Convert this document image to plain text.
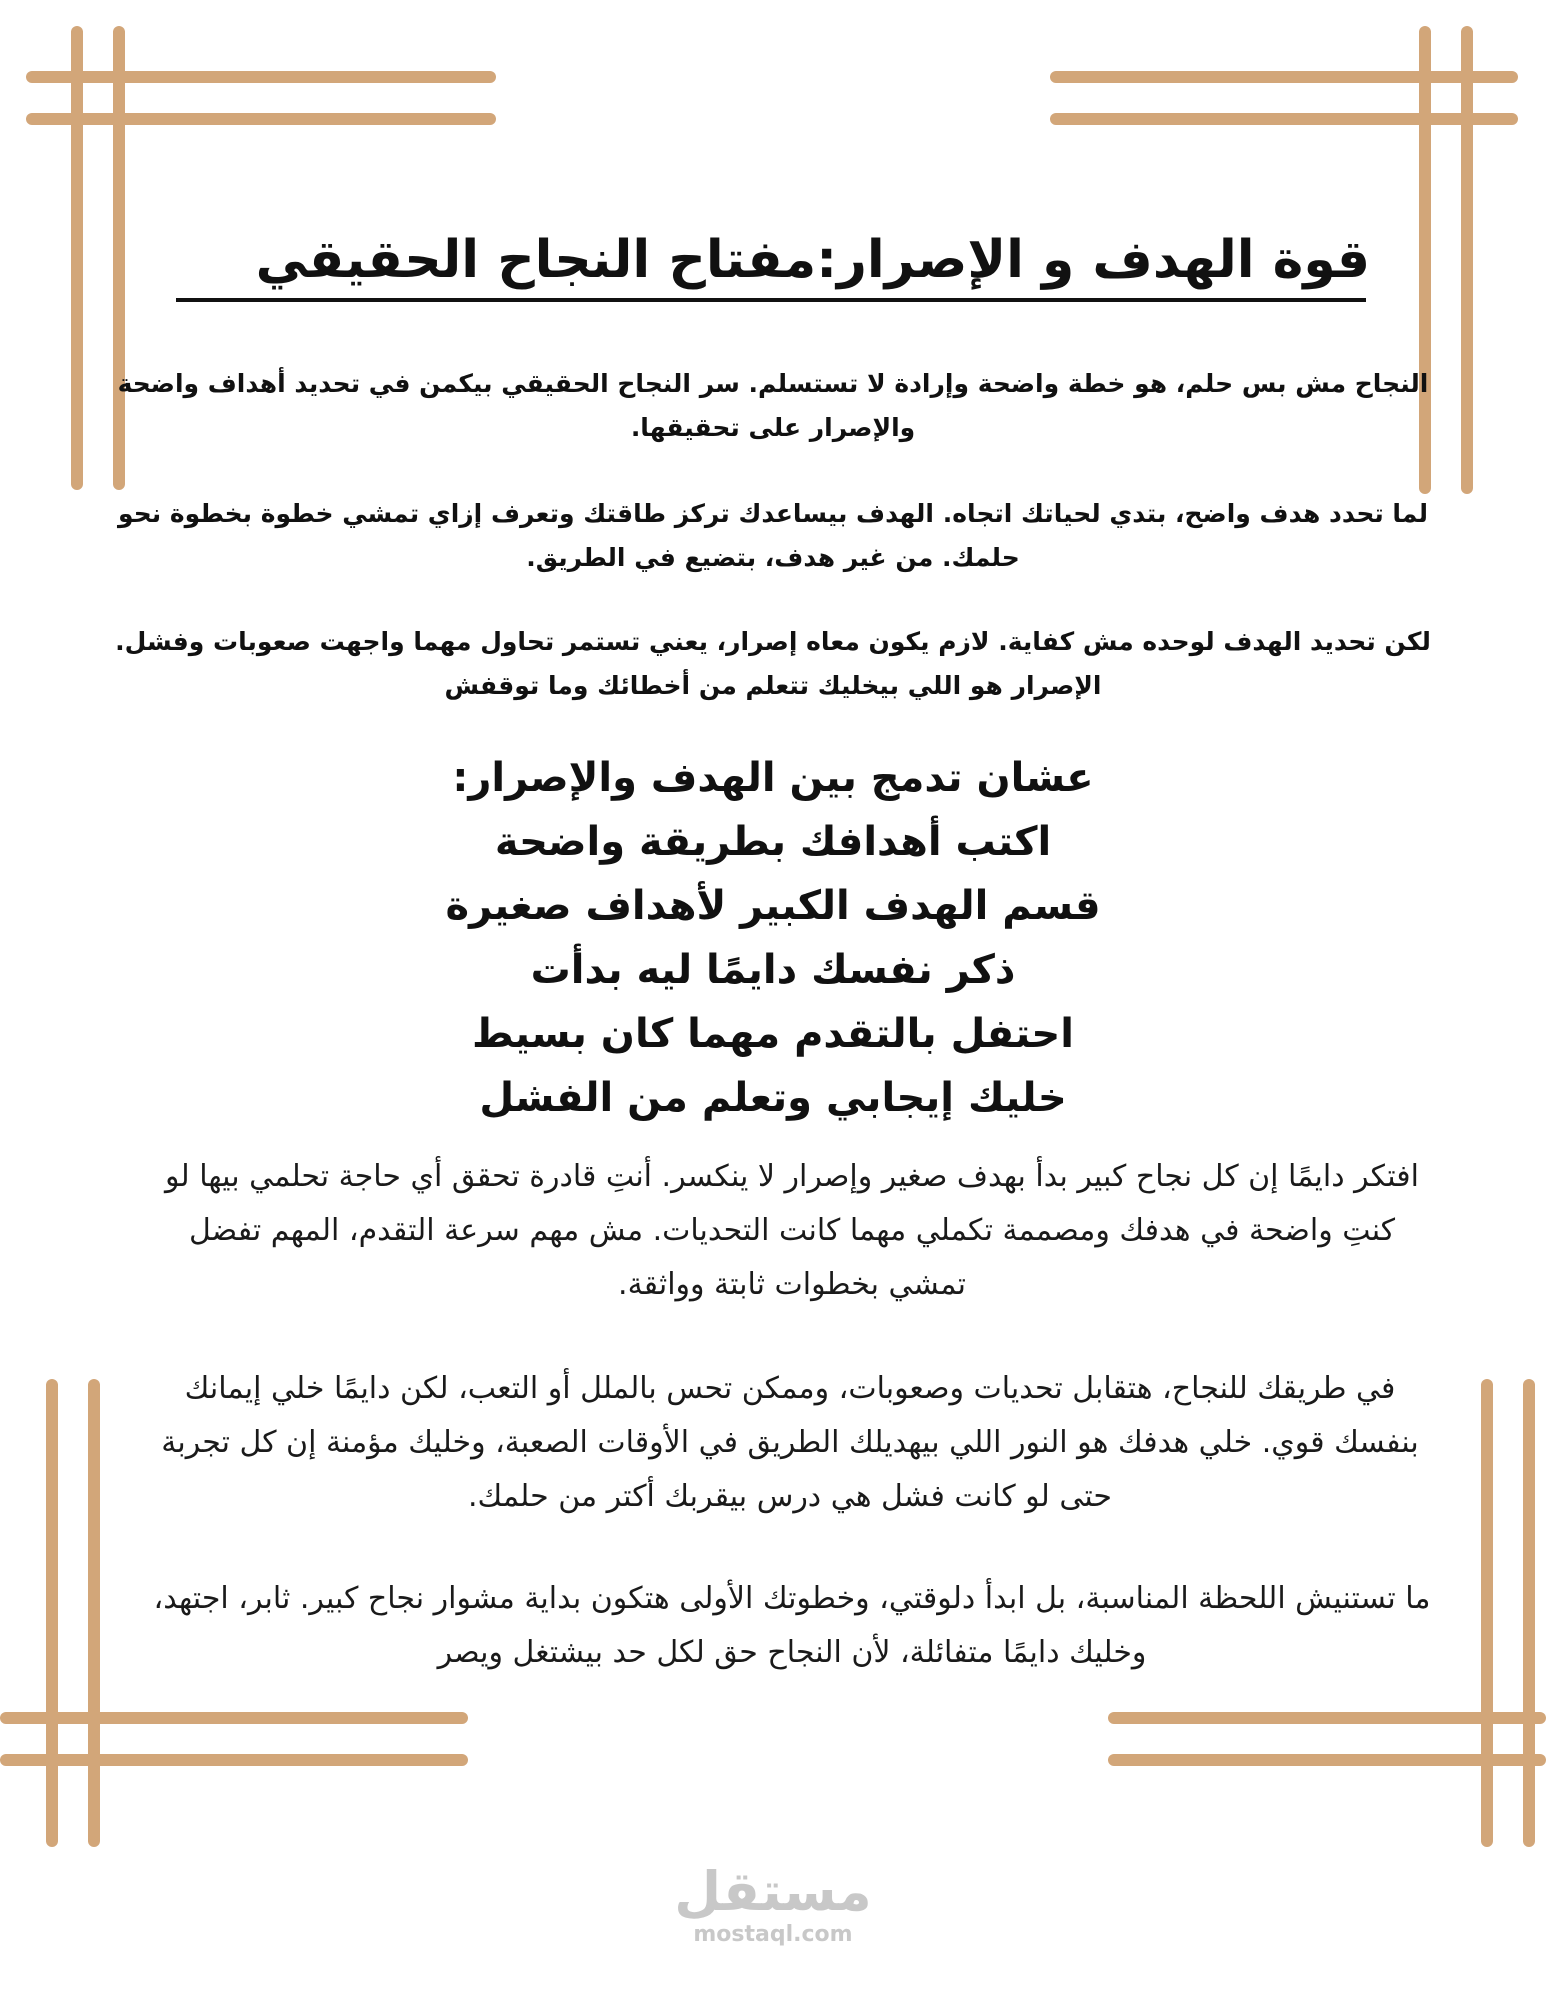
قوة الهدف و الإصرار:مفتاح النجاح الحقيقي
النجاح مش بس حلم، هو خطة واضحة وإرادة لا تستسلم. سر النجاح الحقيقي بيكمن في تحديد أهداف واضحة والإصرار على تحقيقها.
لما تحدد هدف واضح، بتدي لحياتك اتجاه. الهدف بيساعدك تركز طاقتك وتعرف إزاي تمشي خطوة بخطوة نحو حلمك. من غير هدف، بتضيع في الطريق.
لكن تحديد الهدف لوحده مش كفاية. لازم يكون معاه إصرار، يعني تستمر تحاول مهما واجهت صعوبات وفشل. الإصرار هو اللي بيخليك تتعلم من أخطائك وما توقفش
عشان تدمج بين الهدف والإصرار:
اكتب أهدافك بطريقة واضحة
قسم الهدف الكبير لأهداف صغيرة
ذكر نفسك دايمًا ليه بدأت
احتفل بالتقدم مهما كان بسيط
خليك إيجابي وتعلم من الفشل
افتكر دايمًا إن كل نجاح كبير بدأ بهدف صغير وإصرار لا ينكسر. أنتِ قادرة تحقق أي حاجة تحلمي بيها لو كنتِ واضحة في هدفك ومصممة تكملي مهما كانت التحديات. مش مهم سرعة التقدم، المهم تفضل تمشي بخطوات ثابتة وواثقة.
في طريقك للنجاح، هتقابل تحديات وصعوبات، وممكن تحس بالملل أو التعب، لكن دايمًا خلي إيمانك بنفسك قوي. خلي هدفك هو النور اللي بيهديلك الطريق في الأوقات الصعبة، وخليك مؤمنة إن كل تجربة حتى لو كانت فشل هي درس بيقربك أكتر من حلمك.
ما تستنيش اللحظة المناسبة، بل ابدأ دلوقتي، وخطوتك الأولى هتكون بداية مشوار نجاح كبير. ثابر، اجتهد، وخليك دايمًا متفائلة، لأن النجاح حق لكل حد بيشتغل ويصر
مستقل
mostaql.com
